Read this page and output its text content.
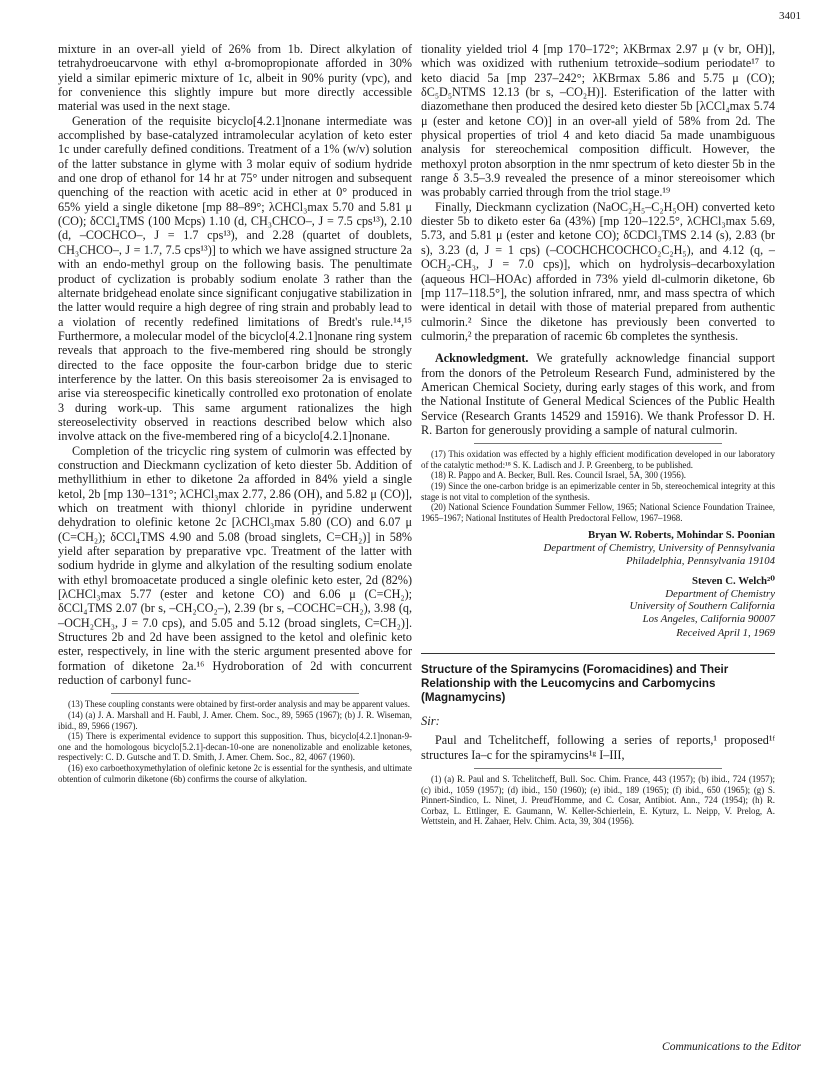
3401

mixture in an over-all yield of 26% from 1b. Direct alkylation of tetrahydroeucarvone with ethyl α-bromopropionate afforded in 30% yield a similar epimeric mixture of 1c, albeit in 90% purity (vpc), and for convenience this slightly impure but more directly accessible material was used in the next stage.

Generation of the requisite bicyclo[4.2.1]nonane intermediate was accomplished by base-catalyzed intramolecular acylation of keto ester 1c under carefully defined conditions. Treatment of a 1% (w/v) solution of the latter substance in glyme with 3 molar equiv of sodium hydride and one drop of ethanol for 14 hr at 75° under nitrogen and subsequent quenching of the reaction with acetic acid in ether at 0° produced in 65% yield a single diketone [mp 88–89°; λCHCl₃max 5.70 and 5.81 μ (CO); δCCl₄TMS (100 Mcps) 1.10 (d, CH₃CHCO–, J = 7.5 cps¹³), 2.10 (d, –COCHCO–, J = 1.7 cps¹³), and 2.28 (quartet of doublets, CH₃CHCO–, J = 1.7, 7.5 cps¹³)] to which we have assigned structure 2a with an endo-methyl group on the following basis. The penultimate product of cyclization is probably sodium enolate 3 rather than the alternate bridgehead enolate since significant conjugative stabilization in the latter would require a high degree of ring strain and probably lead to a violation of recently redefined limitations of Bredt's rule.¹⁴,¹⁵ Furthermore, a molecular model of the bicyclo[4.2.1]nonane ring system reveals that approach to the five-membered ring should be strongly directed to the face opposite the four-carbon bridge due to steric interference by the latter. On this basis stereoisomer 2a is envisaged to arise via stereospecific kinetically controlled exo protonation of enolate 3 during work-up. This same argument rationalizes the high stereoselectivity observed in reactions described below which also involve attack on the five-membered ring of a bicyclo[4.2.1]nonane.

Completion of the tricyclic ring system of culmorin was effected by construction and Dieckmann cyclization of keto diester 5b. Addition of methyllithium in ether to diketone 2a afforded in 84% yield a single ketol, 2b [mp 130–131°; λCHCl₃max 2.77, 2.86 (OH), and 5.82 μ (CO)], which on treatment with thionyl chloride in pyridine underwent dehydration to olefinic ketone 2c [λCHCl₃max 5.80 (CO) and 6.07 μ (C=CH₂); δCCl₄TMS 4.90 and 5.08 (broad singlets, C=CH₂)] in 58% yield after separation by preparative vpc. Treatment of the latter with sodium hydride in glyme and alkylation of the resulting sodium enolate with ethyl bromoacetate produced a single olefinic keto ester, 2d (82%) [λCHCl₃max 5.77 (ester and ketone CO) and 6.06 μ (C=CH₂); δCCl₄TMS 2.07 (br s, –CH₂CO₂–), 2.39 (br s, –COCHC=CH₂), 3.98 (q, –OCH₂CH₃, J = 7.0 cps), and 5.05 and 5.12 (broad singlets, C=CH₂)]. Structures 2b and 2d have been assigned to the ketol and olefinic keto ester, respectively, in line with the steric argument presented above for formation of diketone 2a.¹⁶ Hydroboration of 2d with concurrent reduction of carbonyl func-

(13) These coupling constants were obtained by first-order analysis and may be apparent values.

(14) (a) J. A. Marshall and H. Faubl, J. Amer. Chem. Soc., 89, 5965 (1967); (b) J. R. Wiseman, ibid., 89, 5966 (1967).

(15) There is experimental evidence to support this supposition. Thus, bicyclo[4.2.1]nonan-9-one and the homologous bicyclo[5.2.1]-decan-10-one are nonenolizable and enolizable ketones, respectively: C. D. Gutsche and T. D. Smith, J. Amer. Chem. Soc., 82, 4067 (1960).

(16) exo carboethoxymethylation of olefinic ketone 2c is essential for the synthesis, and ultimate obtention of culmorin diketone (6b) confirms the course of alkylation.

tionality yielded triol 4 [mp 170–172°; λKBrmax 2.97 μ (v br, OH)], which was oxidized with ruthenium tetroxide–sodium periodate¹⁷ to keto diacid 5a [mp 237–242°; λKBrmax 5.86 and 5.75 μ (CO); δC₅D₅NTMS 12.13 (br s, –CO₂H)]. Esterification of the latter with diazomethane then produced the desired keto diester 5b [λCCl₄max 5.74 μ (ester and ketone CO)] in an over-all yield of 58% from 2d. The physical properties of triol 4 and keto diacid 5a made unambiguous analysis for stereochemical composition difficult. However, the methoxyl proton absorption in the nmr spectrum of keto diester 5b in the range δ 3.5–3.9 revealed the presence of a minor stereoisomer which was probably carried through from the triol stage.¹⁹

Finally, Dieckmann cyclization (NaOC₂H₅–C₂H₅OH) converted keto diester 5b to diketo ester 6a (43%) [mp 120–122.5°, λCHCl₃max 5.69, 5.73, and 5.81 μ (ester and ketone CO); δCDCl₃TMS 2.14 (s), 2.83 (br s), 3.23 (d, J = 1 cps) (–COCHCHCOCHCO₂C₂H₅), and 4.12 (q, –OCH₂-CH₃, J = 7.0 cps)], which on hydrolysis–decarboxylation (aqueous HCl–HOAc) afforded in 73% yield dl-culmorin diketone, 6b [mp 117–118.5°], the solution infrared, nmr, and mass spectra of which were identical in detail with those of material prepared from authentic culmorin.² Since the diketone has previously been converted to culmorin,² the preparation of racemic 6b completes the synthesis.

Acknowledgment. We gratefully acknowledge financial support from the donors of the Petroleum Research Fund, administered by the American Chemical Society, during early stages of this work, and from the National Institute of General Medical Sciences of the Public Health Service (Research Grants 14529 and 15916). We thank Professor D. H. R. Barton for generously providing a sample of natural culmorin.

(17) This oxidation was effected by a highly efficient modification developed in our laboratory of the catalytic method:¹⁸ S. K. Ladisch and J. P. Greenberg, to be published.

(18) R. Pappo and A. Becker, Bull. Res. Council Israel, 5A, 300 (1956).

(19) Since the one-carbon bridge is an epimerizable center in 5b, stereochemical integrity at this stage is not vital to completion of the synthesis.

(20) National Science Foundation Summer Fellow, 1965; National Science Foundation Trainee, 1965–1967; National Institutes of Health Predoctoral Fellow, 1967–1968.

Bryan W. Roberts, Mohindar S. Poonian

Department of Chemistry, University of Pennsylvania

Philadelphia, Pennsylvania 19104

Steven C. Welch²⁰

Department of Chemistry

University of Southern California

Los Angeles, California 90007

Received April 1, 1969

Structure of the Spiramycins (Foromacidines) and Their Relationship with the Leucomycins and Carbomycins (Magnamycins)

Sir:

Paul and Tchelitcheff, following a series of reports,¹ proposed¹ᶠ structures Ia–c for the spiramycins¹ᵍ I–III,

(1) (a) R. Paul and S. Tchelitcheff, Bull. Soc. Chim. France, 443 (1957); (b) ibid., 724 (1957); (c) ibid., 1059 (1957); (d) ibid., 150 (1960); (e) ibid., 189 (1965); (f) ibid., 650 (1965); (g) S. Pinnert-Sindico, L. Ninet, J. Preud'Homme, and C. Cosar, Antibiot. Ann., 724 (1954); (h) R. Corbaz, L. Ettlinger, E. Gaumann, W. Keller-Schierlein, E. Kyturz, L. Neipp, V. Prelog, A. Wettstein, and H. Zahaer, Helv. Chim. Acta, 39, 304 (1956).

Communications to the Editor
